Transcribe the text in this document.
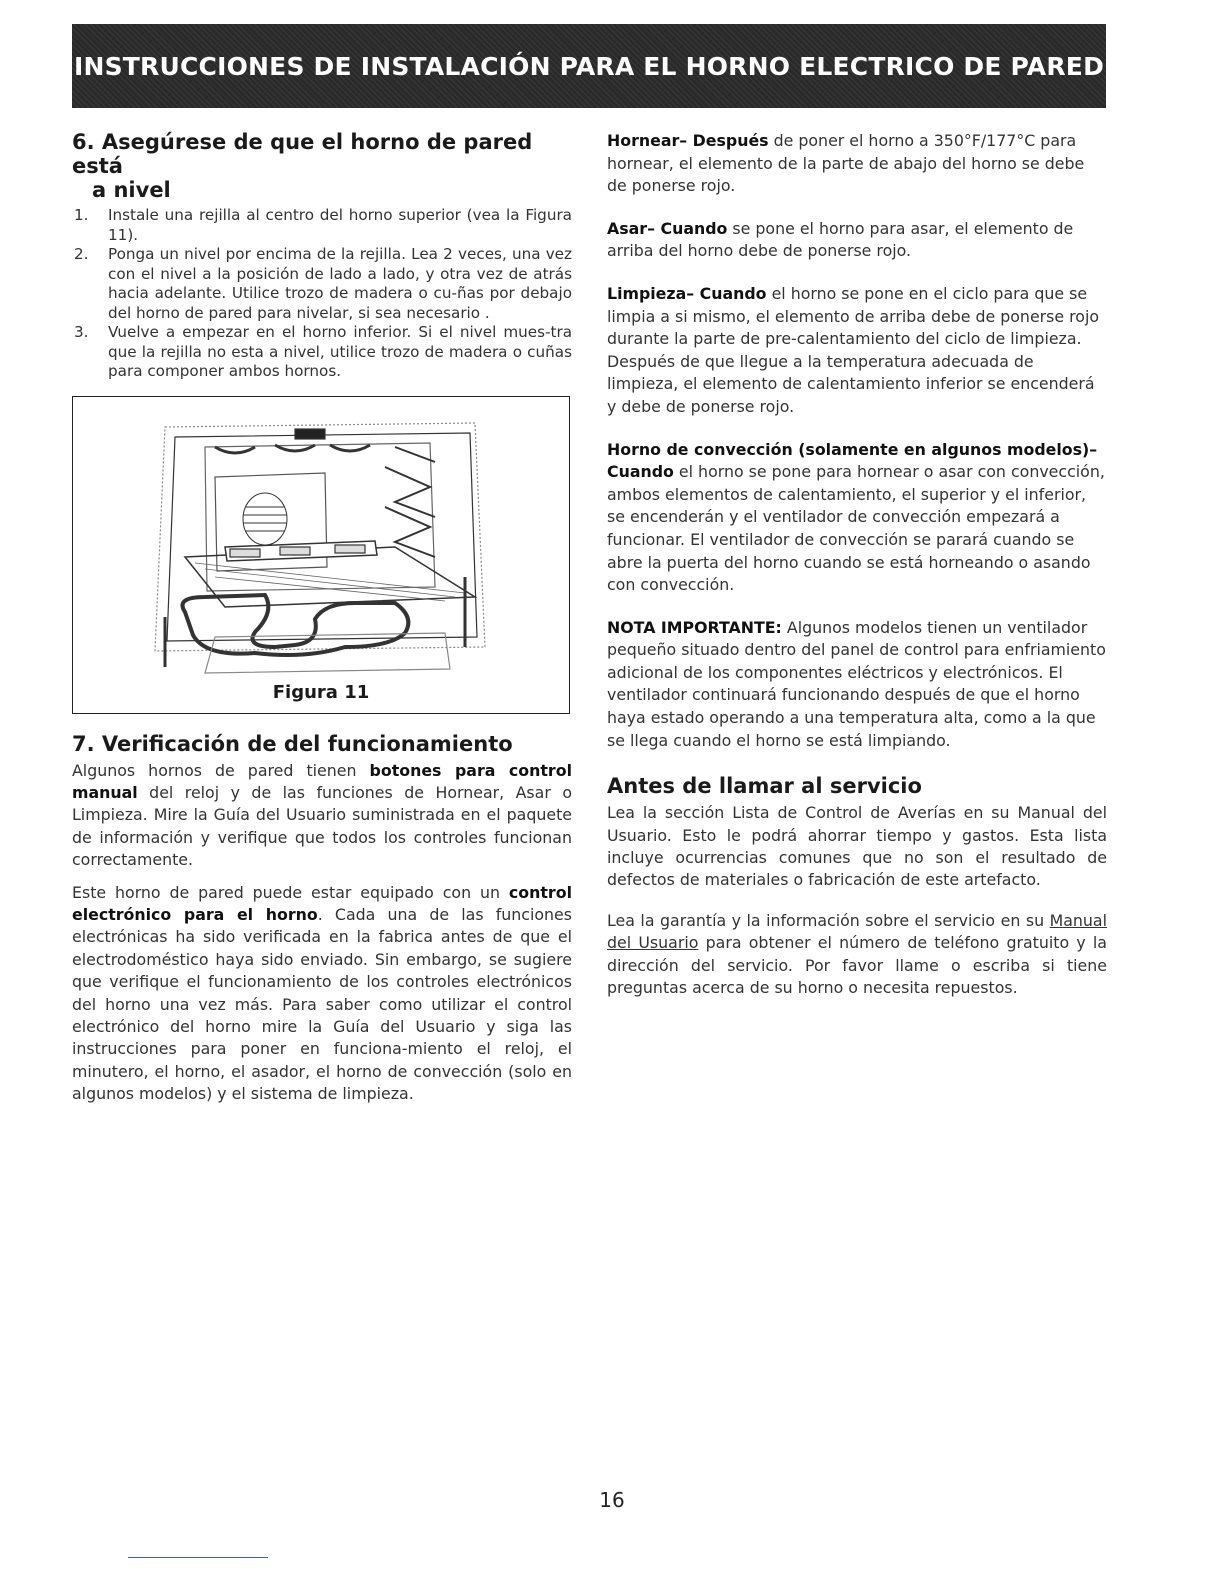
INSTRUCCIONES DE INSTALACIÓN PARA EL HORNO ELECTRICO DE PARED
6. Asegúrese de que el horno de pared está
a nivel
1. Instale una rejilla al centro del horno superior (vea la Figura 11).
2. Ponga un nivel por encima de la rejilla. Lea 2 veces, una vez con el nivel a la posición de lado a lado, y otra vez de atrás hacia adelante. Utilice trozo de madera o cu-ñas por debajo del horno de pared para nivelar, si sea necesario .
3. Vuelve a empezar en el horno inferior. Si el nivel mues-tra que la rejilla no esta a nivel, utilice trozo de madera o cuñas para componer ambos hornos.
Figura 11
7. Verificación de del funcionamiento

Algunos hornos de pared tienen botones para control manual del reloj y de las funciones de Hornear, Asar o Limpieza. Mire la Guía del Usuario suministrada en el paquete de información y verifique que todos los controles funcionan correctamente.

Este horno de pared puede estar equipado con un control electrónico para el horno. Cada una de las funciones electrónicas ha sido verificada en la fabrica antes de que el electrodoméstico haya sido enviado. Sin embargo, se sugiere que verifique el funcionamiento de los controles electrónicos del horno una vez más. Para saber como utilizar el control electrónico del horno mire la Guía del Usuario y siga las instrucciones para poner en funciona-miento el reloj, el minutero, el horno, el asador, el horno de convección (solo en algunos modelos) y el sistema de limpieza.

Hornear– Después de poner el horno a 350°F/177°C para hornear, el elemento de la parte de abajo del horno se debe de ponerse rojo.

Asar– Cuando se pone el horno para asar, el elemento de arriba del horno debe de ponerse rojo.

Limpieza– Cuando el horno se pone en el ciclo para que se limpia a si mismo, el elemento de arriba debe de ponerse rojo durante la parte de pre-calentamiento del ciclo de limpieza. Después de que llegue a la temperatura adecuada de limpieza, el elemento de calentamiento inferior se encenderá y debe de ponerse rojo.

Horno de convección (solamente en algunos modelos)– Cuando el horno se pone para hornear o asar con convección, ambos elementos de calentamiento, el superior y el inferior, se encenderán y el ventilador de convección empezará a funcionar. El ventilador de convección se parará cuando se abre la puerta del horno cuando se está horneando o asando con convección.

NOTA IMPORTANTE: Algunos modelos tienen un ventilador pequeño situado dentro del panel de control para enfriamiento adicional de los componentes eléctricos y electrónicos. El ventilador continuará funcionando después de que el horno haya estado operando a una temperatura alta, como a la que se llega cuando el horno se está limpiando.

Antes de llamar al servicio

Lea la sección Lista de Control de Averías en su Manual del Usuario. Esto le podrá ahorrar tiempo y gastos. Esta lista incluye ocurrencias comunes que no son el resultado de defectos de materiales o fabricación de este artefacto.

Lea la garantía y la información sobre el servicio en su Manual del Usuario para obtener el número de teléfono gratuito y la dirección del servicio. Por favor llame o escriba si tiene preguntas acerca de su horno o necesita repuestos.

16
